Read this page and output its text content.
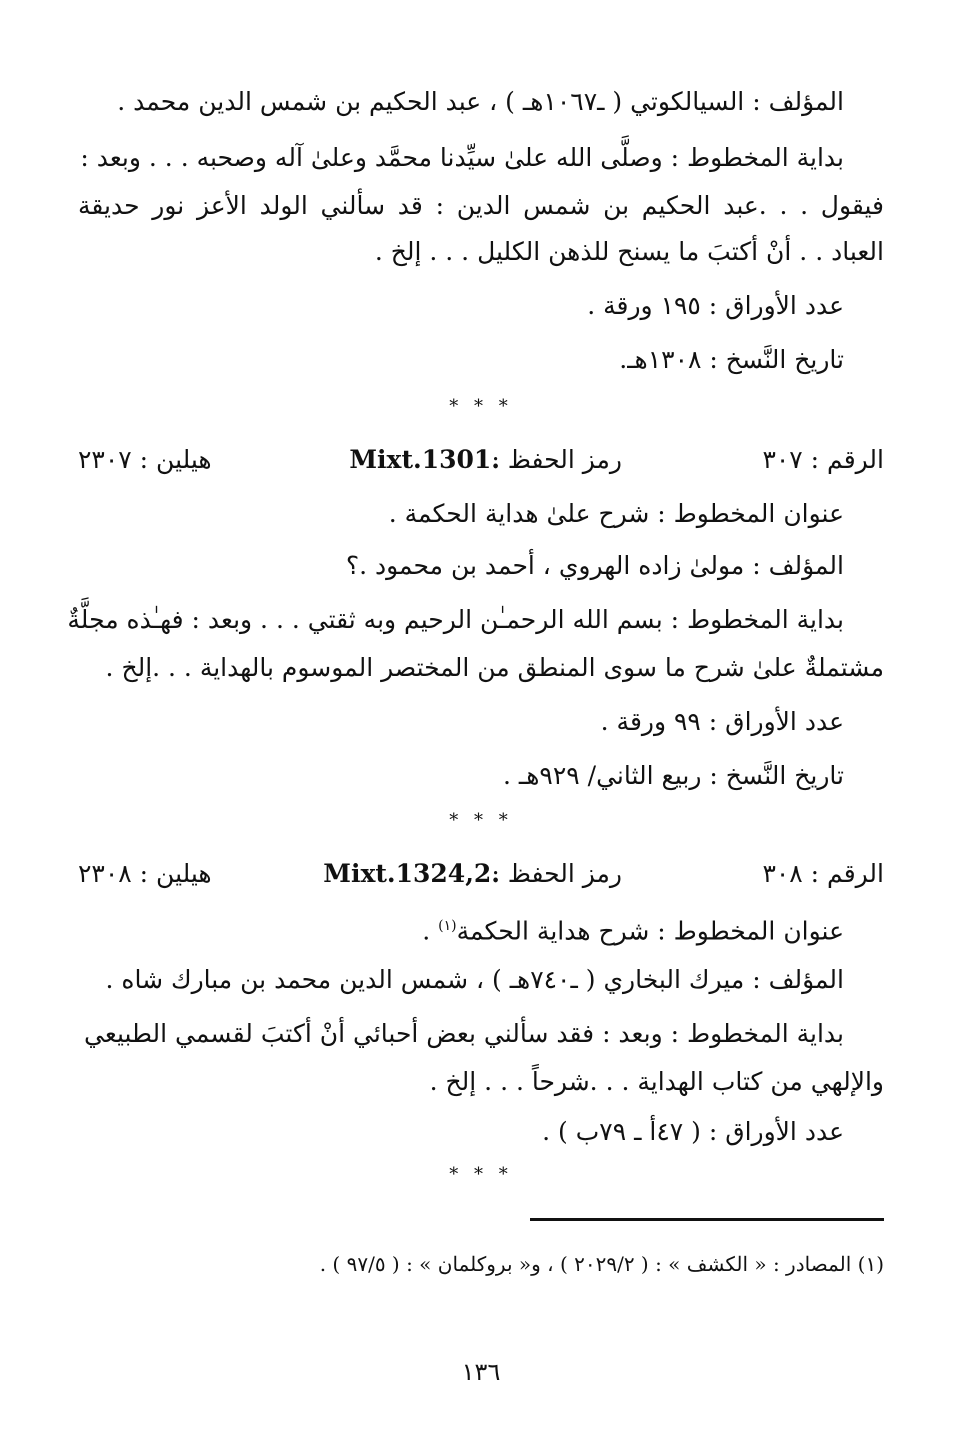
المؤلف : السيالكوتي ( ـ١٠٦٧هـ ) ، عبد الحكيم بن شمس الدين محمد .
بداية المخطوط : وصلَّى الله علىٰ سيِّدنا محمَّد وعلىٰ آله وصحبه . . . وبعد :
فيقول . . .عبد الحكيم بن شمس الدين : قد سألني الولد الأعز نور حديقة
العباد . . أنْ أكتبَ ما يسنح للذهن الكليل . . . إلخ .
عدد الأوراق : ١٩٥ ورقة .
تاريخ النَّسخ : ١٣٠٨هـ.
* * *
الرقم : ٣٠٧
رمز الحفظ :
Mixt.1301.
هيلين : ٢٣٠٧
عنوان المخطوط : شرح علىٰ هداية الحكمة .
المؤلف : مولىٰ زاده الهروي ، أحمد بن محمود .؟
بداية المخطوط : بسم الله الرحمـٰن الرحيم وبه ثقتي . . . وبعد : فهـٰذه مجلَّةٌ
مشتملةٌ علىٰ شرح ما سوى المنطق من المختصر الموسوم بالهداية . . .إلخ .
عدد الأوراق : ٩٩ ورقة .
تاريخ النَّسخ : ربيع الثاني/ ٩٢٩هـ .
* * *
الرقم : ٣٠٨
رمز الحفظ :
Mixt.1324,2.
هيلين : ٢٣٠٨
عنوان المخطوط : شرح هداية الحكمة$^{(١)}$ .
المؤلف : ميرك البخاري ( ـ٧٤٠هـ ) ، شمس الدين محمد بن مبارك شاه .
بداية المخطوط : وبعد : فقد سألني بعض أحبائي أنْ أكتبَ لقسمي الطبيعي
والإلهي من كتاب الهداية . . .شرحاً . . . إلخ .
عدد الأوراق : ( ٤٧أ ـ ٧٩ب ) .
* * *
(١) المصادر : « الكشف » : ( ٢٠٢٩/٢ ) ، و« بروكلمان » : ( ٩٧/٥ ) .
١٣٦
